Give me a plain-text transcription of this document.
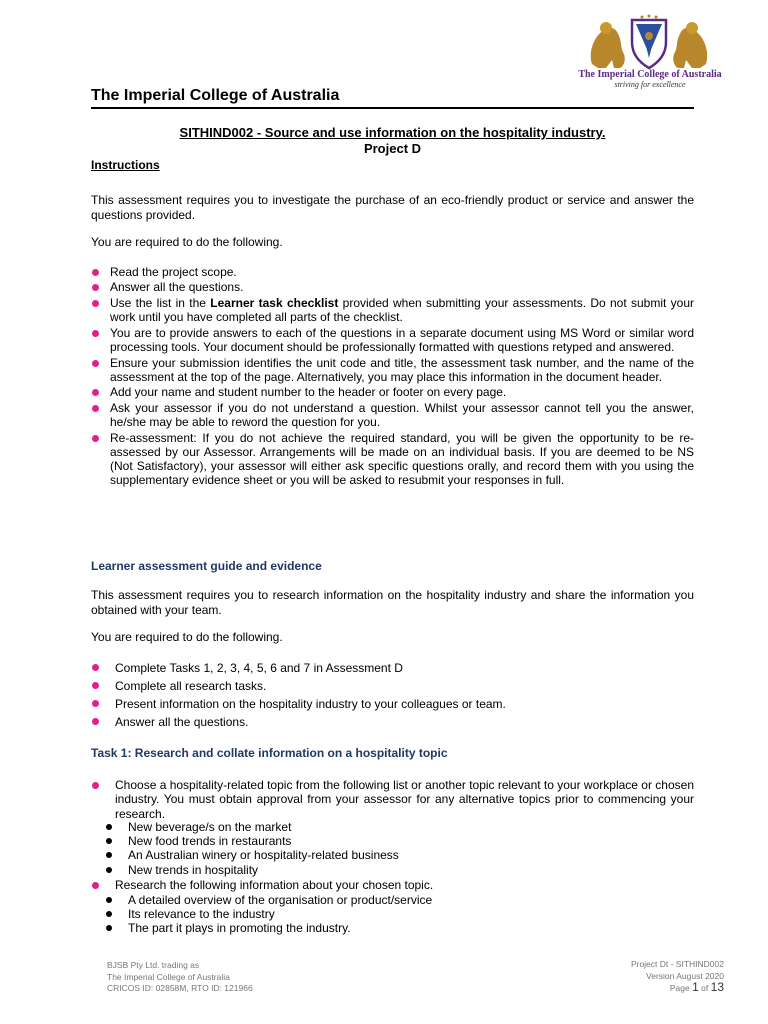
The Imperial College of Australia
striving for excellence
The Imperial College of Australia
SITHIND002 - Source and use information on the hospitality industry.
Project D
Instructions
This assessment requires you to investigate the purchase of an eco-friendly product or service and answer the questions provided.
You are required to do the following.
Read the project scope.
Answer all the questions.
Use the list in the Learner task checklist provided when submitting your assessments. Do not submit your work until you have completed all parts of the checklist.
You are to provide answers to each of the questions in a separate document using MS Word or similar word processing tools. Your document should be professionally formatted with questions retyped and answered.
Ensure your submission identifies the unit code and title, the assessment task number, and the name of the assessment at the top of the page. Alternatively, you may place this information in the document header.
Add your name and student number to the header or footer on every page.
Ask your assessor if you do not understand a question. Whilst your assessor cannot tell you the answer, he/she may be able to reword the question for you.
Re-assessment: If you do not achieve the required standard, you will be given the opportunity to be re-assessed by our Assessor. Arrangements will be made on an individual basis. If you are deemed to be NS (Not Satisfactory), your assessor will either ask specific questions orally, and record them with you using the supplementary evidence sheet or you will be asked to resubmit your responses in full.
Learner assessment guide and evidence
This assessment requires you to research information on the hospitality industry and share the information you obtained with your team.
You are required to do the following.
Complete Tasks 1, 2, 3, 4, 5, 6 and 7 in Assessment D
Complete all research tasks.
Present information on the hospitality industry to your colleagues or team.
Answer all the questions.
Task 1: Research and collate information on a hospitality topic
Choose a hospitality-related topic from the following list or another topic relevant to your workplace or chosen industry. You must obtain approval from your assessor for any alternative topics prior to commencing your research.
New beverage/s on the market
New food trends in restaurants
An Australian winery or hospitality-related business
New trends in hospitality
Research the following information about your chosen topic.
A detailed overview of the organisation or product/service
Its relevance to the industry
The part it plays in promoting the industry.
BJSB Pty Ltd. trading as
The Imperial College of Australia
CRICOS ID: 02858M, RTO ID: 121966
Project Dt - SITHIND002
Version August 2020
Page 1 of 13
